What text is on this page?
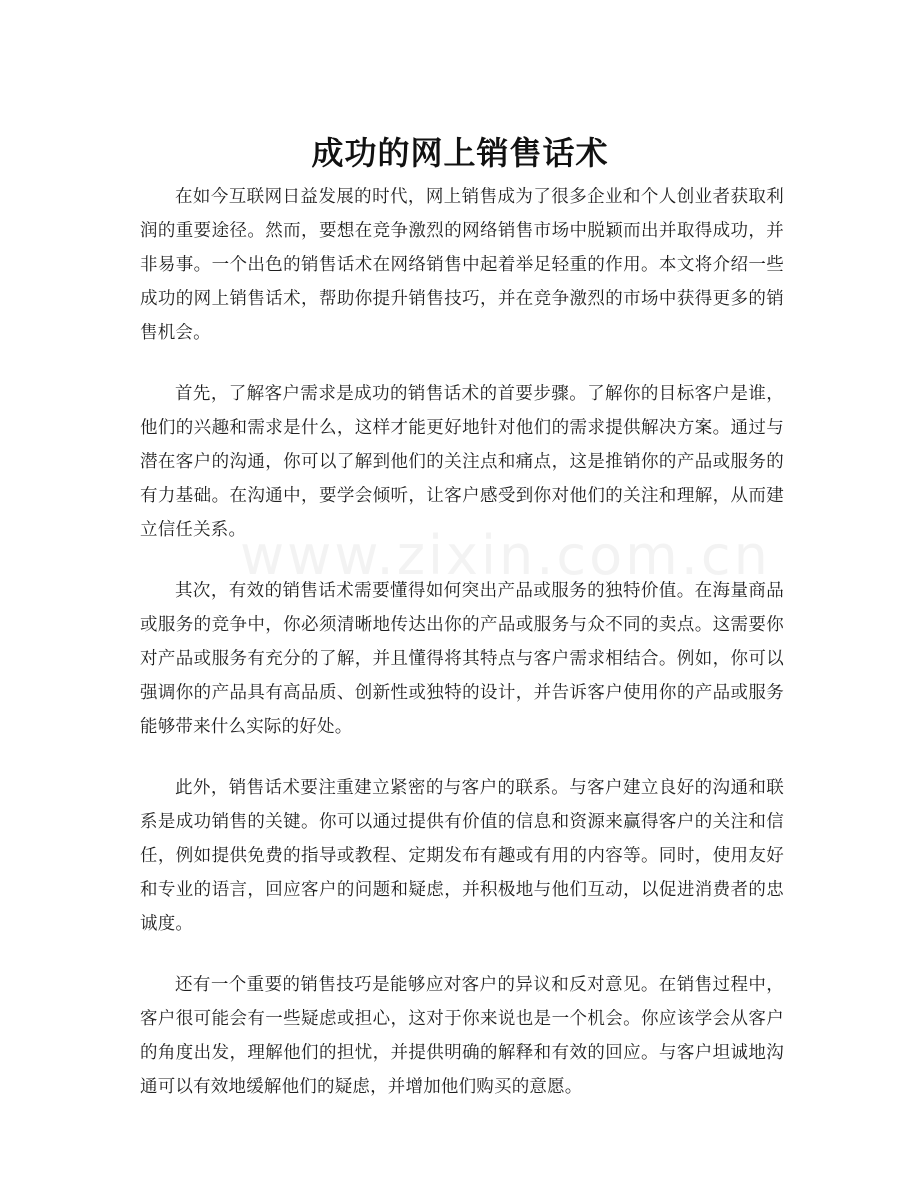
成功的网上销售话术

在如今互联网日益发展的时代，网上销售成为了很多企业和个人创业者获取利润的重要途径。然而，要想在竞争激烈的网络销售市场中脱颖而出并取得成功，并非易事。一个出色的销售话术在网络销售中起着举足轻重的作用。本文将介绍一些成功的网上销售话术，帮助你提升销售技巧，并在竞争激烈的市场中获得更多的销售机会。

首先，了解客户需求是成功的销售话术的首要步骤。了解你的目标客户是谁，他们的兴趣和需求是什么，这样才能更好地针对他们的需求提供解决方案。通过与潜在客户的沟通，你可以了解到他们的关注点和痛点，这是推销你的产品或服务的有力基础。在沟通中，要学会倾听，让客户感受到你对他们的关注和理解，从而建立信任关系。

其次，有效的销售话术需要懂得如何突出产品或服务的独特价值。在海量商品或服务的竞争中，你必须清晰地传达出你的产品或服务与众不同的卖点。这需要你对产品或服务有充分的了解，并且懂得将其特点与客户需求相结合。例如，你可以强调你的产品具有高品质、创新性或独特的设计，并告诉客户使用你的产品或服务能够带来什么实际的好处。

此外，销售话术要注重建立紧密的与客户的联系。与客户建立良好的沟通和联系是成功销售的关键。你可以通过提供有价值的信息和资源来赢得客户的关注和信任，例如提供免费的指导或教程、定期发布有趣或有用的内容等。同时，使用友好和专业的语言，回应客户的问题和疑虑，并积极地与他们互动，以促进消费者的忠诚度。

还有一个重要的销售技巧是能够应对客户的异议和反对意见。在销售过程中，客户很可能会有一些疑虑或担心，这对于你来说也是一个机会。你应该学会从客户的角度出发，理解他们的担忧，并提供明确的解释和有效的回应。与客户坦诚地沟通可以有效地缓解他们的疑虑，并增加他们购买的意愿。

www.zixin.com.cn
